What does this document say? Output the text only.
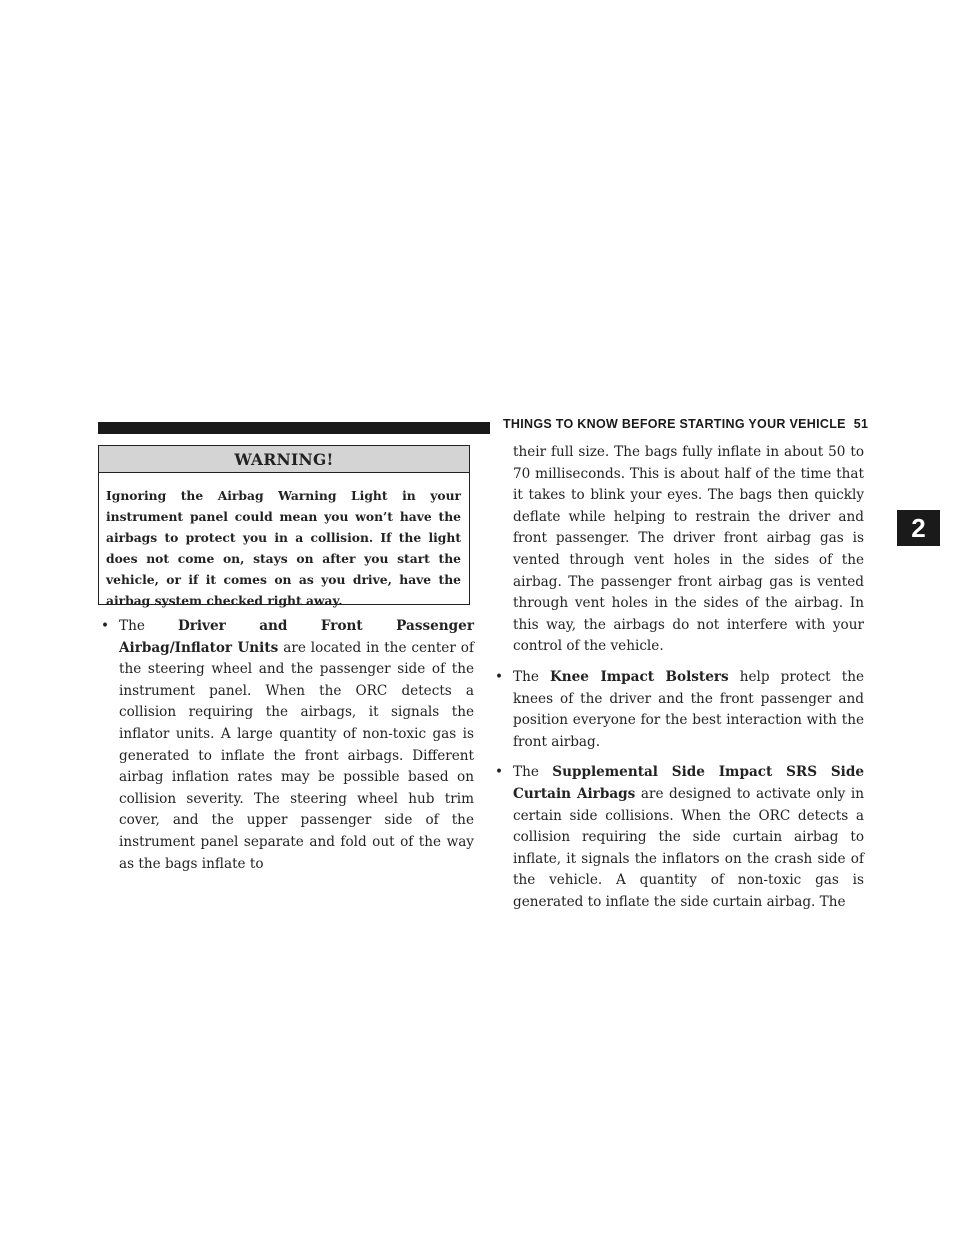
THINGS TO KNOW BEFORE STARTING YOUR VEHICLE 51
2
WARNING!
Ignoring the Airbag Warning Light in your instrument panel could mean you won’t have the airbags to protect you in a collision. If the light does not come on, stays on after you start the vehicle, or if it comes on as you drive, have the airbag system checked right away.
• The Driver and Front Passenger Airbag/Inflator Units are located in the center of the steering wheel and the passenger side of the instrument panel. When the ORC detects a collision requiring the airbags, it signals the inflator units. A large quantity of non-toxic gas is generated to inflate the front airbags. Different airbag inflation rates may be possible based on collision severity. The steering wheel hub trim cover, and the upper passenger side of the instrument panel separate and fold out of the way as the bags inflate to

their full size. The bags fully inflate in about 50 to 70 milliseconds. This is about half of the time that it takes to blink your eyes. The bags then quickly deflate while helping to restrain the driver and front passenger. The driver front airbag gas is vented through vent holes in the sides of the airbag. The passenger front airbag gas is vented through vent holes in the sides of the airbag. In this way, the airbags do not interfere with your control of the vehicle.

• The Knee Impact Bolsters help protect the knees of the driver and the front passenger and position everyone for the best interaction with the front airbag.

• The Supplemental Side Impact SRS Side Curtain Airbags are designed to activate only in certain side collisions. When the ORC detects a collision requiring the side curtain airbag to inflate, it signals the inflators on the crash side of the vehicle. A quantity of non-toxic gas is generated to inflate the side curtain airbag. The
